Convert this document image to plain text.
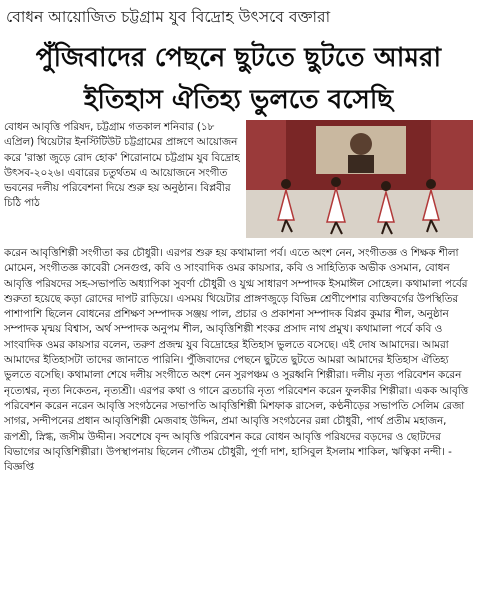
বোধন আয়োজিত চট্টগ্রাম যুব বিদ্রোহ উৎসবে বক্তারা
পুঁজিবাদের পেছনে ছুটতে ছুটতে আমরা
ইতিহাস ঐতিহ্য ভুলতে বসেছি
বোধন আবৃত্তি পরিষদ, চট্টগ্রাম গতকাল শনিবার (১৮ এপ্রিল) থিয়েটার ইনস্টিটিউট চট্টগ্রামের প্রাঙ্গণে আয়োজন করে 'রাস্তা জুড়ে রোদ হোক' শিরোনামে চট্টগ্রাম যুব বিদ্রোহ উৎসব-২০২৬। এবারের চতুর্থতম এ আয়োজনে সংগীত ভবনের দলীয় পরিবেশনা দিয়ে শুরু হয় অনুষ্ঠান। বিপ্লবীর চিঠি পাঠ
করেন আবৃত্তিশিল্পী সংগীতা কর চৌধুরী। এরপর শুরু হয় কথামালা পর্ব। এতে অংশ নেন, সংগীতজ্ঞ ও শিক্ষক শীলা মোমেন, সংগীতজ্ঞ কাবেরী সেনগুপ্ত, কবি ও সাংবাদিক ওমর কায়সার, কবি ও সাহিত্যিক অভীক ওসমান, বোধন আবৃত্তি পরিষদের সহ-সভাপতি অধ্যাপিকা সুবর্ণা চৌধুরী ও যুগ্ম সাধারণ সম্পাদক ইসমাঈল সোহেল। কথামালা পর্বের শুরুতা হয়েছে কড়া রোদের দাপট রাড়িয়ে। এসময় থিয়েটার প্রাঙ্গণজুড়ে বিভিন্ন শ্রেণীপেশার ব্যক্তিবর্গের উপস্থিতির পাশাপাশি ছিলেন বোধনের প্রশিক্ষণ সম্পাদক সঞ্জয় পাল, প্রচার ও প্রকাশনা সম্পাদক বিপ্লব কুমার শীল, অনুষ্ঠান সম্পাদক মৃন্ময় বিশ্বাস, অর্থ সম্পাদক অনুপম শীল, আবৃত্তিশিল্পী শংকর প্রসাদ নাথ প্রমুখ। কথামালা পর্বে কবি ও সাংবাদিক ওমর কায়সার বলেন, তরুণ প্রজন্ম যুব বিদ্রোহের ইতিহাস ভুলতে বসেছে। এই দোষ আমাদের। আমরা আমাদের ইতিহাসটা তাদের জানাতে পারিনি। পুঁজিবাদের পেছনে ছুটতে ছুটতে আমরা আমাদের ইতিহাস ঐতিহ্য ভুলতে বসেছি। কথামালা শেষে দলীয় সংগীতে অংশ নেন সুরপঞ্চম ও সুরধ্বনি শিল্পীরা। দলীয় নৃত্য পরিবেশন করেন নৃত্যেশ্বর, নৃত্য নিকেতন, নৃত্যশ্রী। এরপর কথা ও গানে ব্রতচারি নৃত্য পরিবেশন করেন ফুলকীর শিল্পীরা। একক আবৃত্তি পরিবেশন করেন নরেন আবৃত্তি সংগঠনের সভাপতি আবৃত্তিশিল্পী মিশফাক রাসেল, কণ্ঠনীড়ের সভাপতি সেলিম রেজা সাগর, সন্দীপনের প্রধান আবৃত্তিশিল্পী মেজবাহ উদ্দিন, প্রমা আবৃত্তি সংগঠনের রন্না চৌধুরী, পার্থ প্রতীম মহাজন, রূপশ্রী, স্নিগ্ধ, জসীম উদ্দীন। সবশেষে বৃন্দ আবৃত্তি পরিবেশন করে বোধন আবৃত্তি পরিষদের বড়দের ও ছোটদের বিভাগের আবৃত্তিশিল্পীরা। উপস্থাপনায় ছিলেন গৌতম চৌধুরী, পূর্ণা দাশ, হাসিবুল ইসলাম শাকিল, ঋত্বিকা নন্দী। - বিজ্ঞপ্তি
